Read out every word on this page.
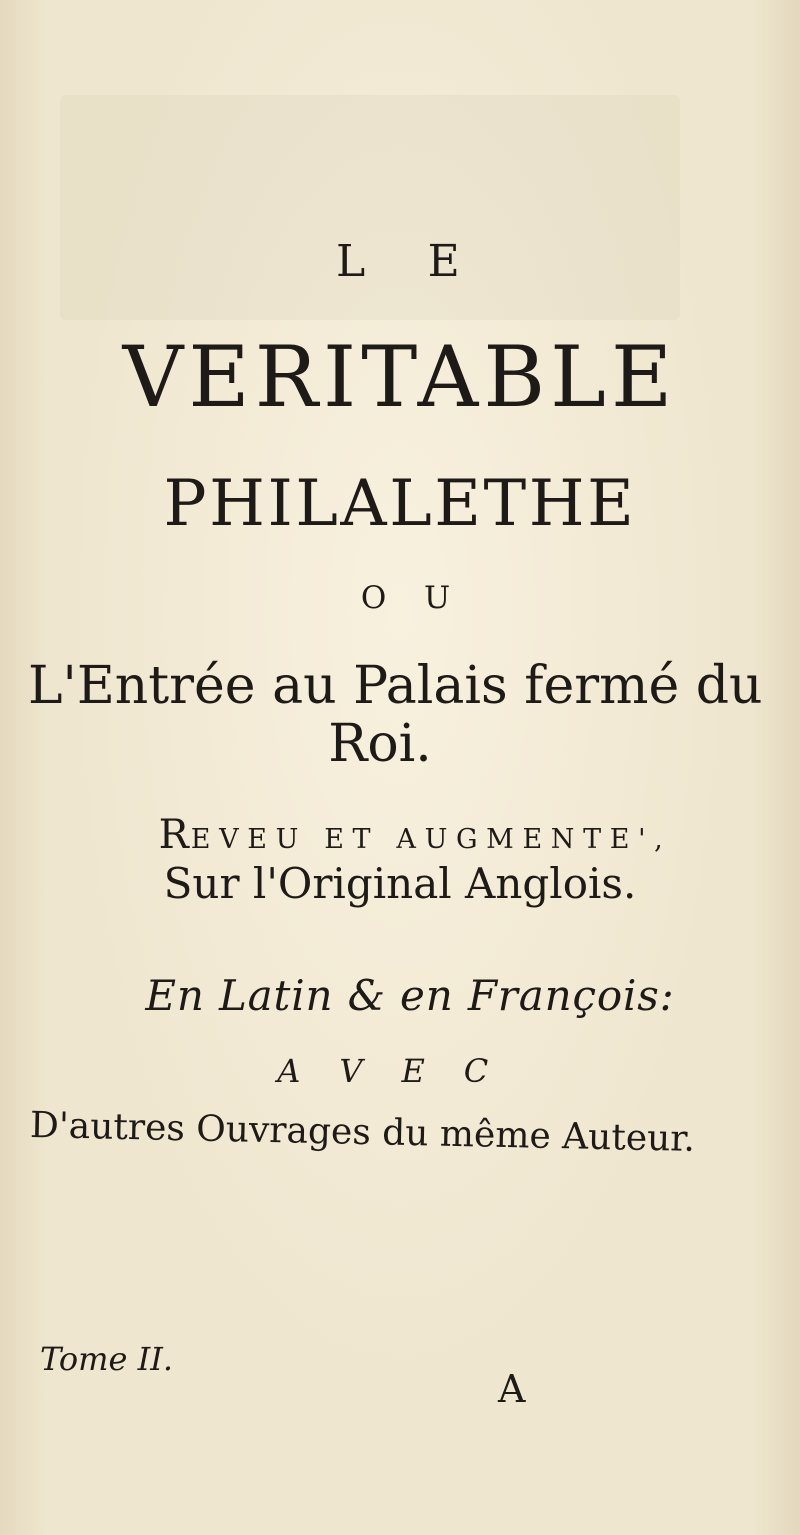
L E
VERITABLE
PHILALETHE
O U
L'Entrée au Palais fermé du
Roi.
REVEU ET AUGMENTE',
Sur l'Original Anglois.
En Latin & en François:
A V E C
D'autres Ouvrages du même Auteur.
Tome II.
A
